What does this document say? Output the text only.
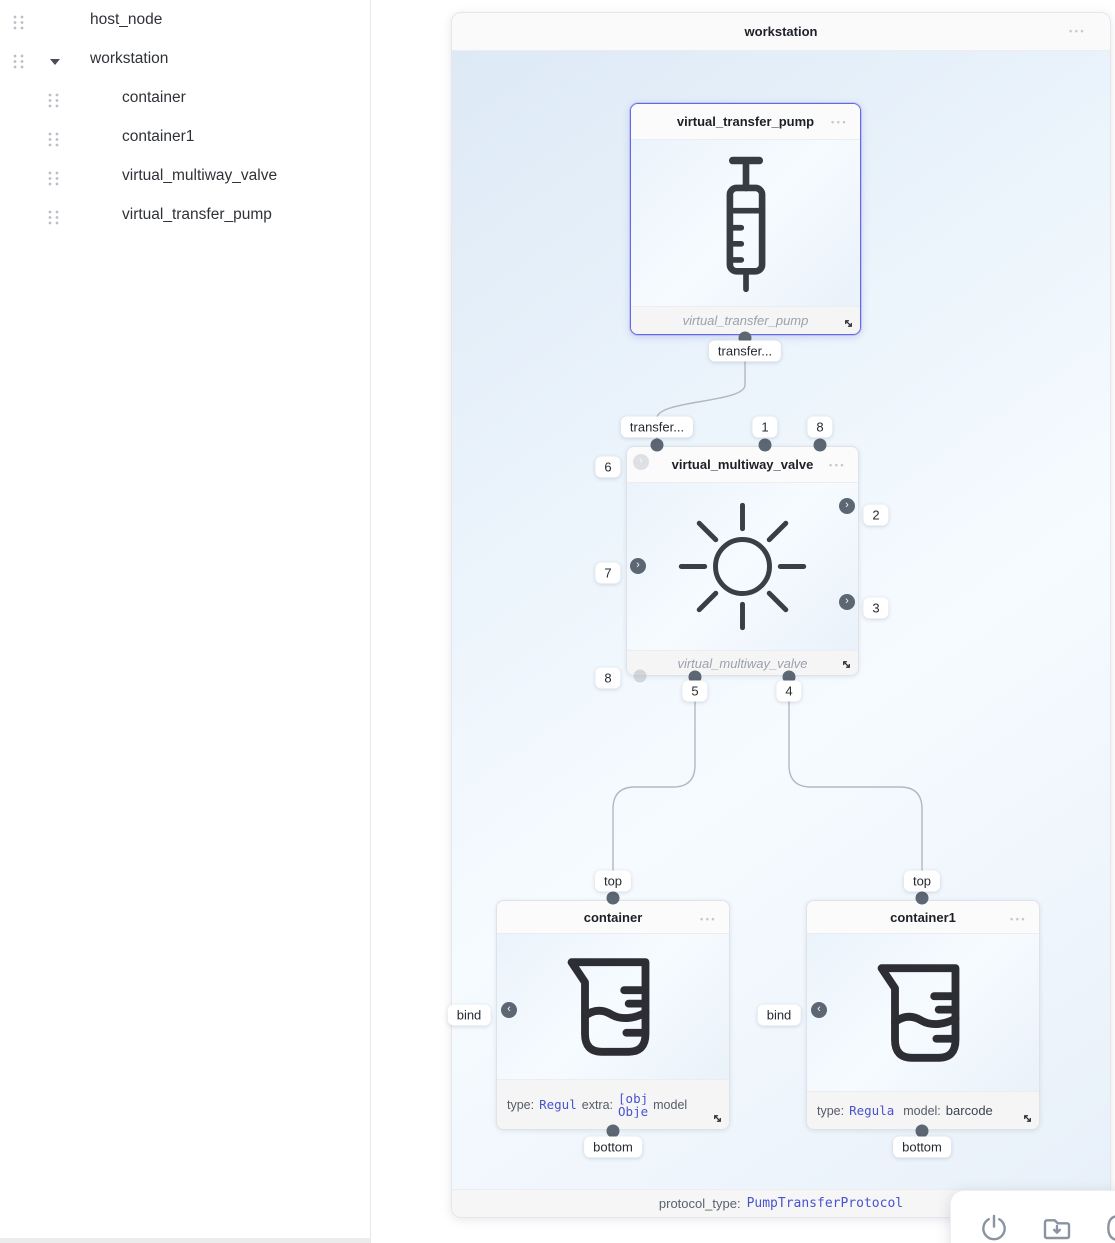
host_node
workstation
container
container1
virtual_multiway_valve
virtual_transfer_pump
workstation	•••
protocol_type: PumpTransferProtocol
virtual_transfer_pump •••
virtual_transfer_pump
virtual_multiway_valve •••
virtual_multiway_valve
container	•••
type: Regul extra: [obj
Obje model
container1	•••
type: Regula model: barcode
transfer...
transfer...	1	8
›
6
›
2
›
7
›	3
8
5	4
top
‹
bind
bottom
top
‹
bind
bottom
